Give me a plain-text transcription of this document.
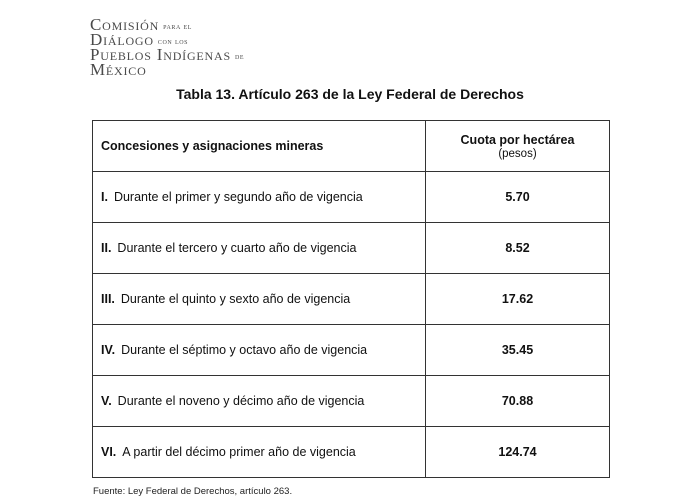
Comisión para el
Diálogo con los
Pueblos Indígenas de
México
Tabla 13. Artículo 263 de la Ley Federal de Derechos
Concesiones y asignaciones mineras	Cuota por hectárea
(pesos)

I. Durante el primer y segundo año de vigencia	5.70
II. Durante el tercero y cuarto año de vigencia	8.52
III. Durante el quinto y sexto año de vigencia	17.62
IV. Durante el séptimo y octavo año de vigencia	35.45
V. Durante el noveno y décimo año de vigencia	70.88
VI. A partir del décimo primer año de vigencia	124.74
Fuente: Ley Federal de Derechos, artículo 263.
